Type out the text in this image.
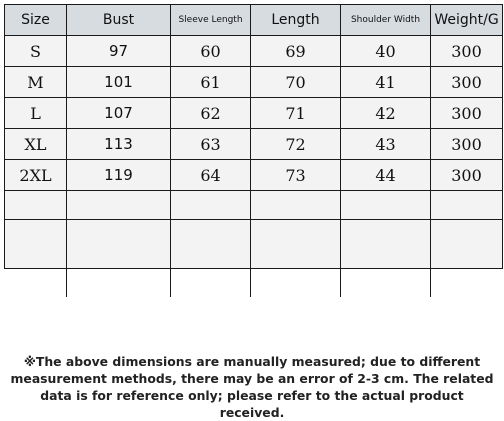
Size	Bust	Sleeve Length	Length	Shoulder Width	Weight/G
S	97	60	69	40	300
M	101	61	70	41	300
L	107	62	71	42	300
XL	113	63	72	43	300
2XL	119	64	73	44	300

※The above dimensions are manually measured; due to different measurement methods, there may be an error of 2-3 cm. The related data is for reference only; please refer to the actual product received.
